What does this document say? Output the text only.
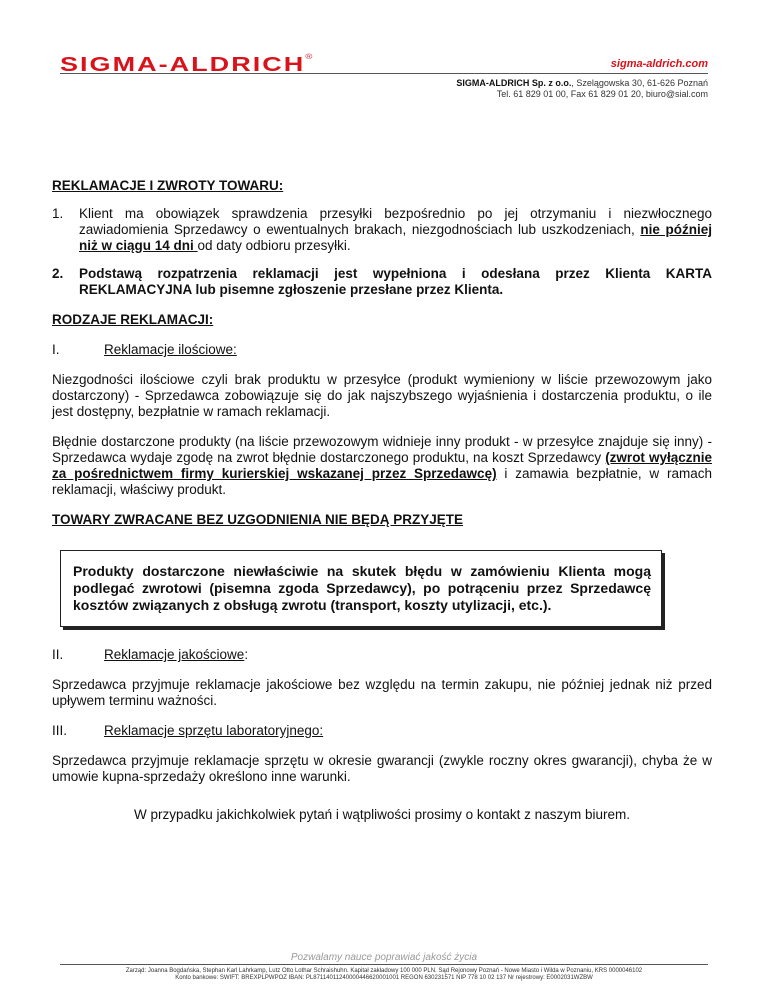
SIGMA-ALDRICH®
sigma-aldrich.com
SIGMA-ALDRICH Sp. z o.o., Szelągowska 30, 61-626 Poznań
Tel. 61 829 01 00, Fax 61 829 01 20, biuro@sial.com
REKLAMACJE I ZWROTY TOWARU:
1.	Klient ma obowiązek sprawdzenia przesyłki bezpośrednio po jej otrzymaniu i niezwłocznego zawiadomienia Sprzedawcy o ewentualnych brakach, niezgodnościach lub uszkodzeniach, nie później niż w ciągu 14 dni od daty odbioru przesyłki.
2.	Podstawą rozpatrzenia reklamacji jest wypełniona i odesłana przez Klienta KARTA REKLAMACYJNA lub pisemne zgłoszenie przesłane przez Klienta.
RODZAJE REKLAMACJI:
I.	Reklamacje ilościowe:

Niezgodności ilościowe czyli brak produktu w przesyłce (produkt wymieniony w liście przewozowym jako dostarczony) - Sprzedawca zobowiązuje się do jak najszybszego wyjaśnienia i dostarczenia produktu, o ile jest dostępny, bezpłatnie w ramach reklamacji.

Błędnie dostarczone produkty (na liście przewozowym widnieje inny produkt - w przesyłce znajduje się inny) - Sprzedawca wydaje zgodę na zwrot błędnie dostarczonego produktu, na koszt Sprzedawcy (zwrot wyłącznie za pośrednictwem firmy kurierskiej wskazanej przez Sprzedawcę) i zamawia bezpłatnie, w ramach reklamacji, właściwy produkt.

TOWARY ZWRACANE BEZ UZGODNIENIA NIE BĘDĄ PRZYJĘTE
Produkty dostarczone niewłaściwie na skutek błędu w zamówieniu Klienta mogą podlegać zwrotowi (pisemna zgoda Sprzedawcy), po potrąceniu przez Sprzedawcę kosztów związanych z obsługą zwrotu (transport, koszty utylizacji, etc.).
II.	Reklamacje jakościowe:

Sprzedawca przyjmuje reklamacje jakościowe bez względu na termin zakupu, nie później jednak niż przed upływem terminu ważności.

III.	Reklamacje sprzętu laboratoryjnego:

Sprzedawca przyjmuje reklamacje sprzętu w okresie gwarancji (zwykle roczny okres gwarancji), chyba że w umowie kupna-sprzedaży określono inne warunki.

W przypadku jakichkolwiek pytań i wątpliwości prosimy o kontakt z naszym biurem.
Pozwalamy nauce poprawiać jakość życia
Zarząd: Joanna Bogdańska, Stephan Karl Lahrkamp, Lutz Otto Lothar Schraishuhn. Kapitał zakładowy 100 000 PLN. Sąd Rejonowy Poznań - Nowe Miasto i Wilda w Poznaniu, KRS 0000046102
Konto bankowe: SWIFT: BREXPLPWPOZ IBAN: PL87114011240000446620001001 REGON 630231571 NIP 778 10 02 137 Nr rejestrowy: E0002031WZBW
